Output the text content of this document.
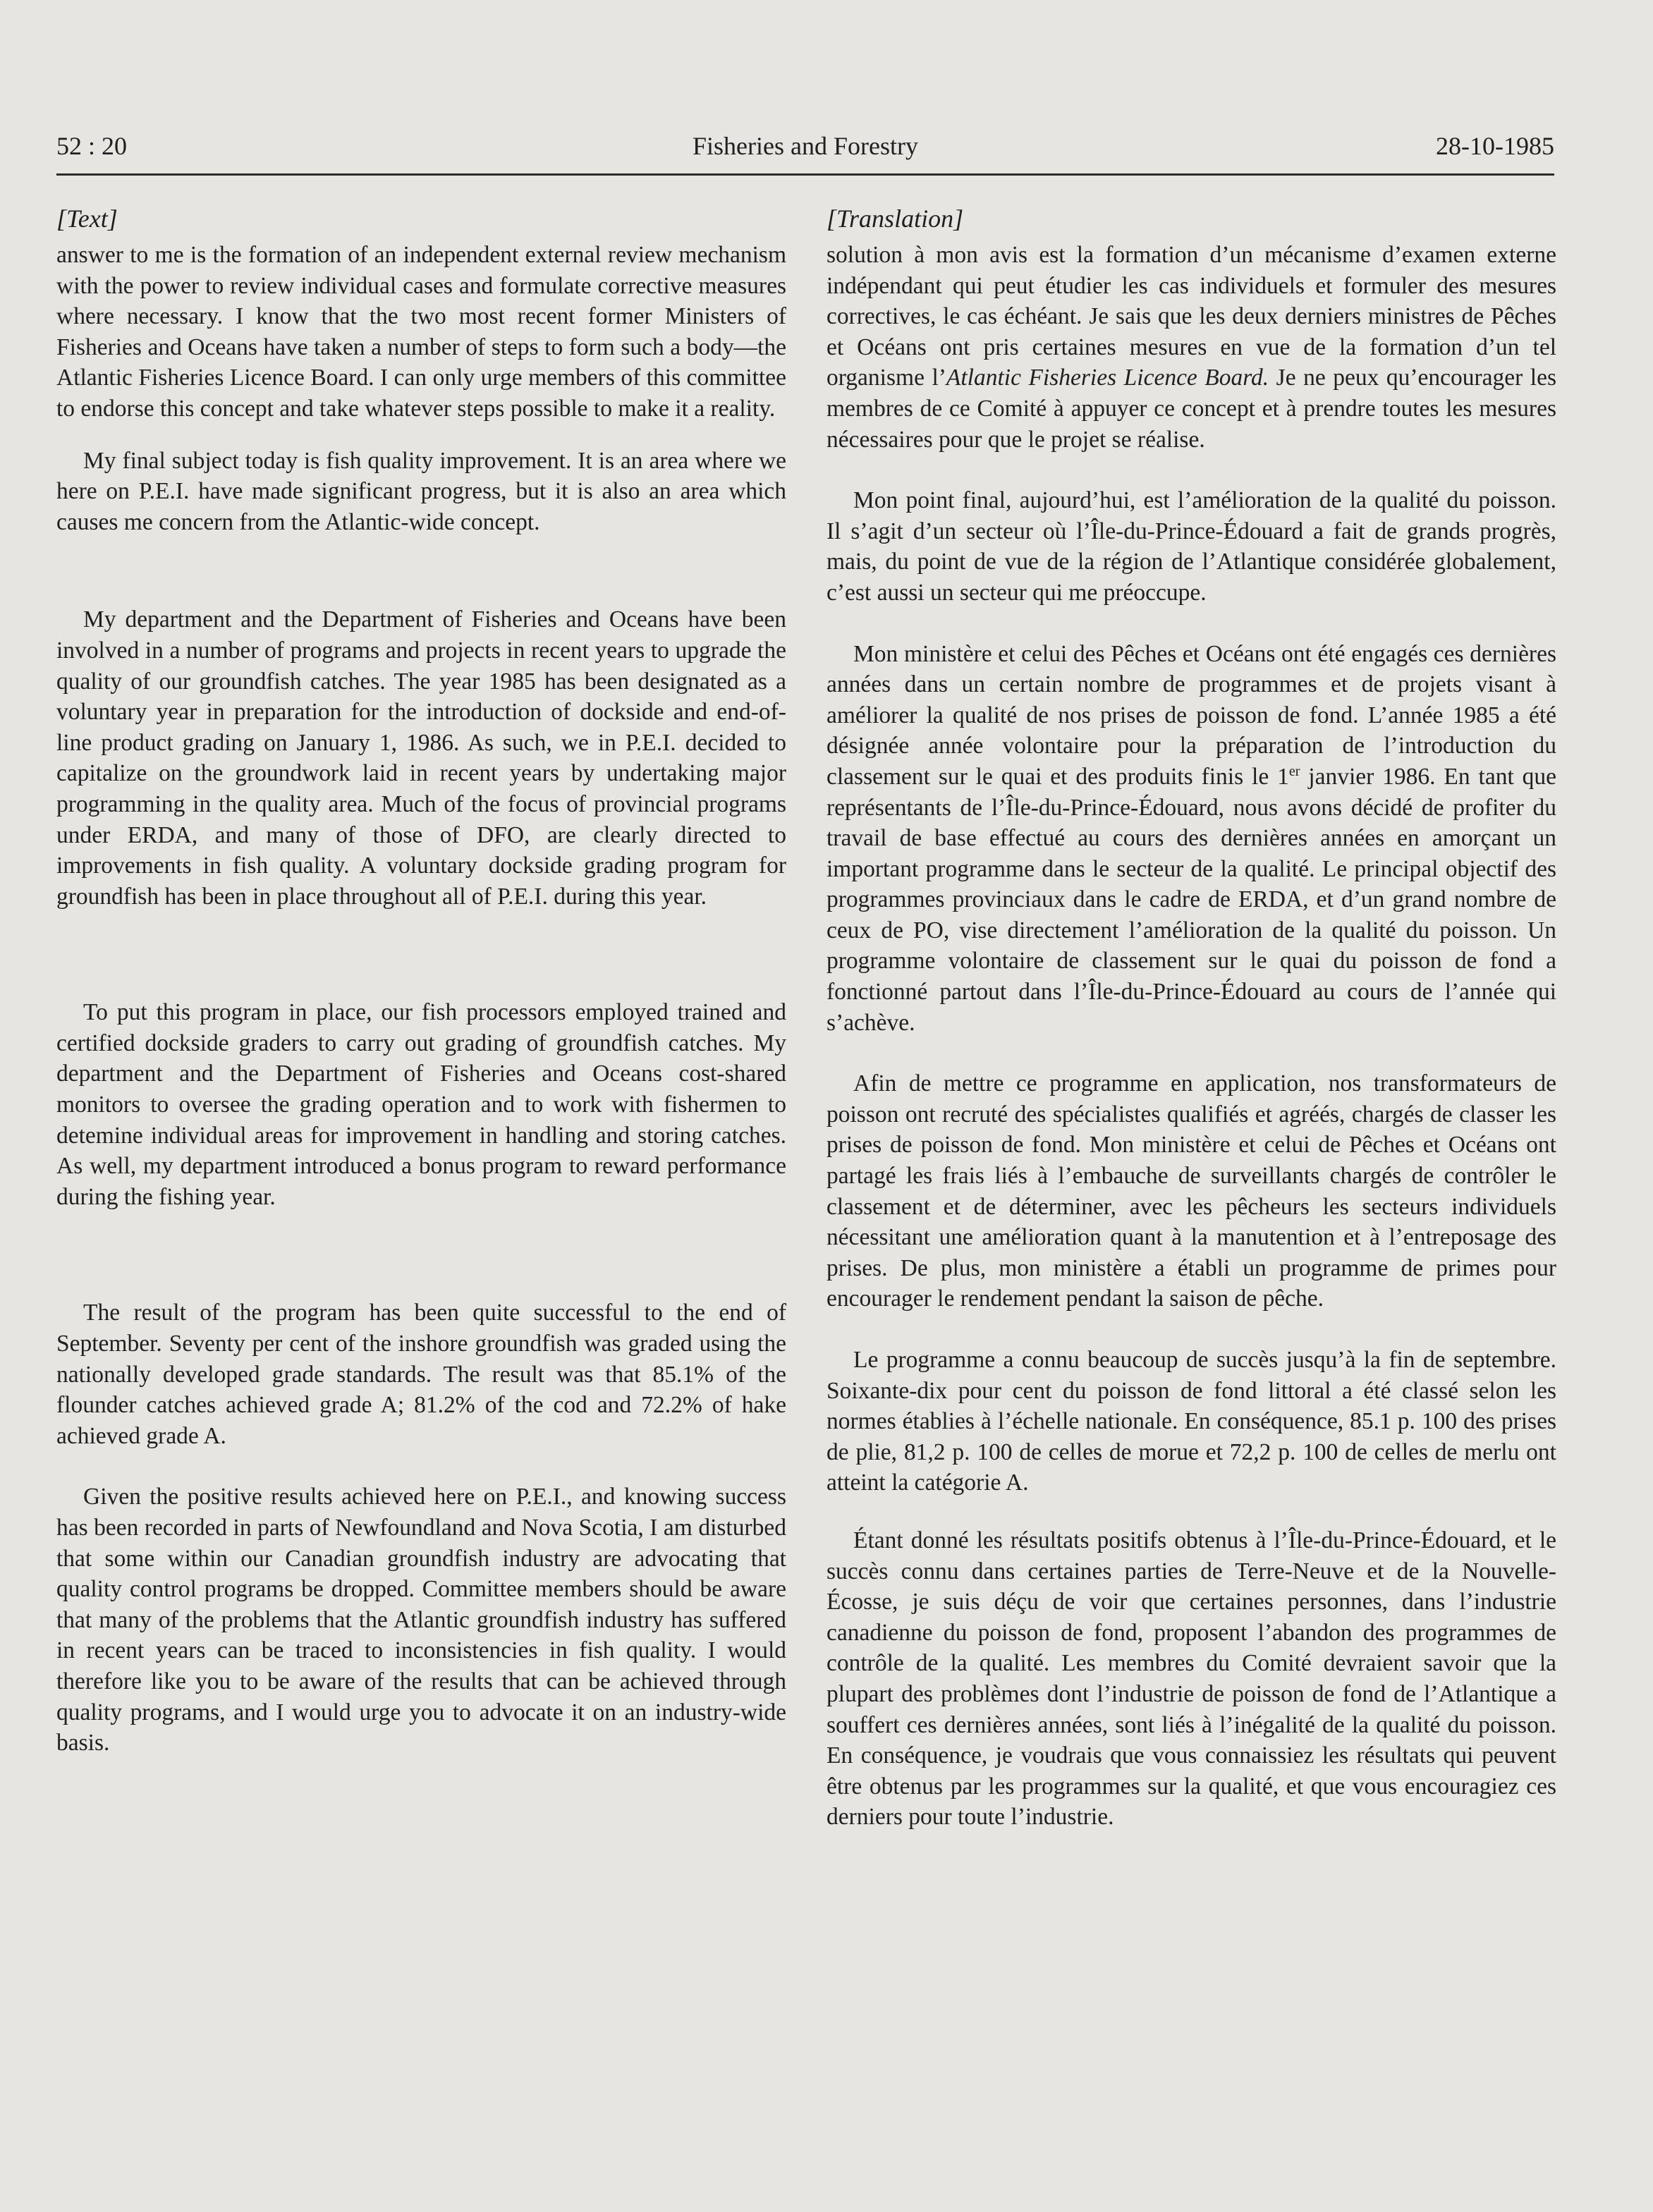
52 : 20	Fisheries and Forestry	28-10-1985
[Text]

answer to me is the formation of an independent external review mechanism with the power to review individual cases and formulate corrective measures where necessary. I know that the two most recent former Ministers of Fisheries and Oceans have taken a number of steps to form such a body—the Atlantic Fisheries Licence Board. I can only urge members of this committee to endorse this concept and take whatever steps possible to make it a reality.

My final subject today is fish quality improvement. It is an area where we here on P.E.I. have made significant progress, but it is also an area which causes me concern from the Atlantic-wide concept.

My department and the Department of Fisheries and Oceans have been involved in a number of programs and projects in recent years to upgrade the quality of our groundfish catches. The year 1985 has been designated as a voluntary year in preparation for the introduction of dockside and end-of-line product grading on January 1, 1986. As such, we in P.E.I. decided to capitalize on the groundwork laid in recent years by undertaking major programming in the quality area. Much of the focus of provincial programs under ERDA, and many of those of DFO, are clearly directed to improvements in fish quality. A voluntary dockside grading program for groundfish has been in place throughout all of P.E.I. during this year.

To put this program in place, our fish processors employed trained and certified dockside graders to carry out grading of groundfish catches. My department and the Department of Fisheries and Oceans cost-shared monitors to oversee the grading operation and to work with fishermen to detemine individual areas for improvement in handling and storing catches. As well, my department introduced a bonus program to reward performance during the fishing year.

The result of the program has been quite successful to the end of September. Seventy per cent of the inshore groundfish was graded using the nationally developed grade standards. The result was that 85.1% of the flounder catches achieved grade A; 81.2% of the cod and 72.2% of hake achieved grade A.

Given the positive results achieved here on P.E.I., and knowing success has been recorded in parts of Newfoundland and Nova Scotia, I am disturbed that some within our Canadian groundfish industry are advocating that quality control programs be dropped. Committee members should be aware that many of the problems that the Atlantic groundfish industry has suffered in recent years can be traced to inconsistencies in fish quality. I would therefore like you to be aware of the results that can be achieved through quality programs, and I would urge you to advocate it on an industry-wide basis.

[Translation]

solution à mon avis est la formation d’un mécanisme d’examen externe indépendant qui peut étudier les cas individuels et formuler des mesures correctives, le cas échéant. Je sais que les deux derniers ministres de Pêches et Océans ont pris certaines mesures en vue de la formation d’un tel organisme l’Atlantic Fisheries Licence Board. Je ne peux qu’encourager les membres de ce Comité à appuyer ce concept et à prendre toutes les mesures nécessaires pour que le projet se réalise.

Mon point final, aujourd’hui, est l’amélioration de la qualité du poisson. Il s’agit d’un secteur où l’Île-du-Prince-Édouard a fait de grands progrès, mais, du point de vue de la région de l’Atlantique considérée globalement, c’est aussi un secteur qui me préoccupe.

Mon ministère et celui des Pêches et Océans ont été engagés ces dernières années dans un certain nombre de programmes et de projets visant à améliorer la qualité de nos prises de poisson de fond. L’année 1985 a été désignée année volontaire pour la préparation de l’introduction du classement sur le quai et des produits finis le 1er janvier 1986. En tant que représentants de l’Île-du-Prince-Édouard, nous avons décidé de profiter du travail de base effectué au cours des dernières années en amorçant un important programme dans le secteur de la qualité. Le principal objectif des programmes provinciaux dans le cadre de ERDA, et d’un grand nombre de ceux de PO, vise directement l’amélioration de la qualité du poisson. Un programme volontaire de classement sur le quai du poisson de fond a fonctionné partout dans l’Île-du-Prince-Édouard au cours de l’année qui s’achève.

Afin de mettre ce programme en application, nos transformateurs de poisson ont recruté des spécialistes qualifiés et agréés, chargés de classer les prises de poisson de fond. Mon ministère et celui de Pêches et Océans ont partagé les frais liés à l’embauche de surveillants chargés de contrôler le classement et de déterminer, avec les pêcheurs les secteurs individuels nécessitant une amélioration quant à la manutention et à l’entreposage des prises. De plus, mon ministère a établi un programme de primes pour encourager le rendement pendant la saison de pêche.

Le programme a connu beaucoup de succès jusqu’à la fin de septembre. Soixante-dix pour cent du poisson de fond littoral a été classé selon les normes établies à l’échelle nationale. En conséquence, 85.1 p. 100 des prises de plie, 81,2 p. 100 de celles de morue et 72,2 p. 100 de celles de merlu ont atteint la catégorie A.

Étant donné les résultats positifs obtenus à l’Île-du-Prince-Édouard, et le succès connu dans certaines parties de Terre-Neuve et de la Nouvelle-Écosse, je suis déçu de voir que certaines personnes, dans l’industrie canadienne du poisson de fond, proposent l’abandon des programmes de contrôle de la qualité. Les membres du Comité devraient savoir que la plupart des problèmes dont l’industrie de poisson de fond de l’Atlantique a souffert ces dernières années, sont liés à l’inégalité de la qualité du poisson. En conséquence, je voudrais que vous connaissiez les résultats qui peuvent être obtenus par les programmes sur la qualité, et que vous encouragiez ces derniers pour toute l’industrie.
